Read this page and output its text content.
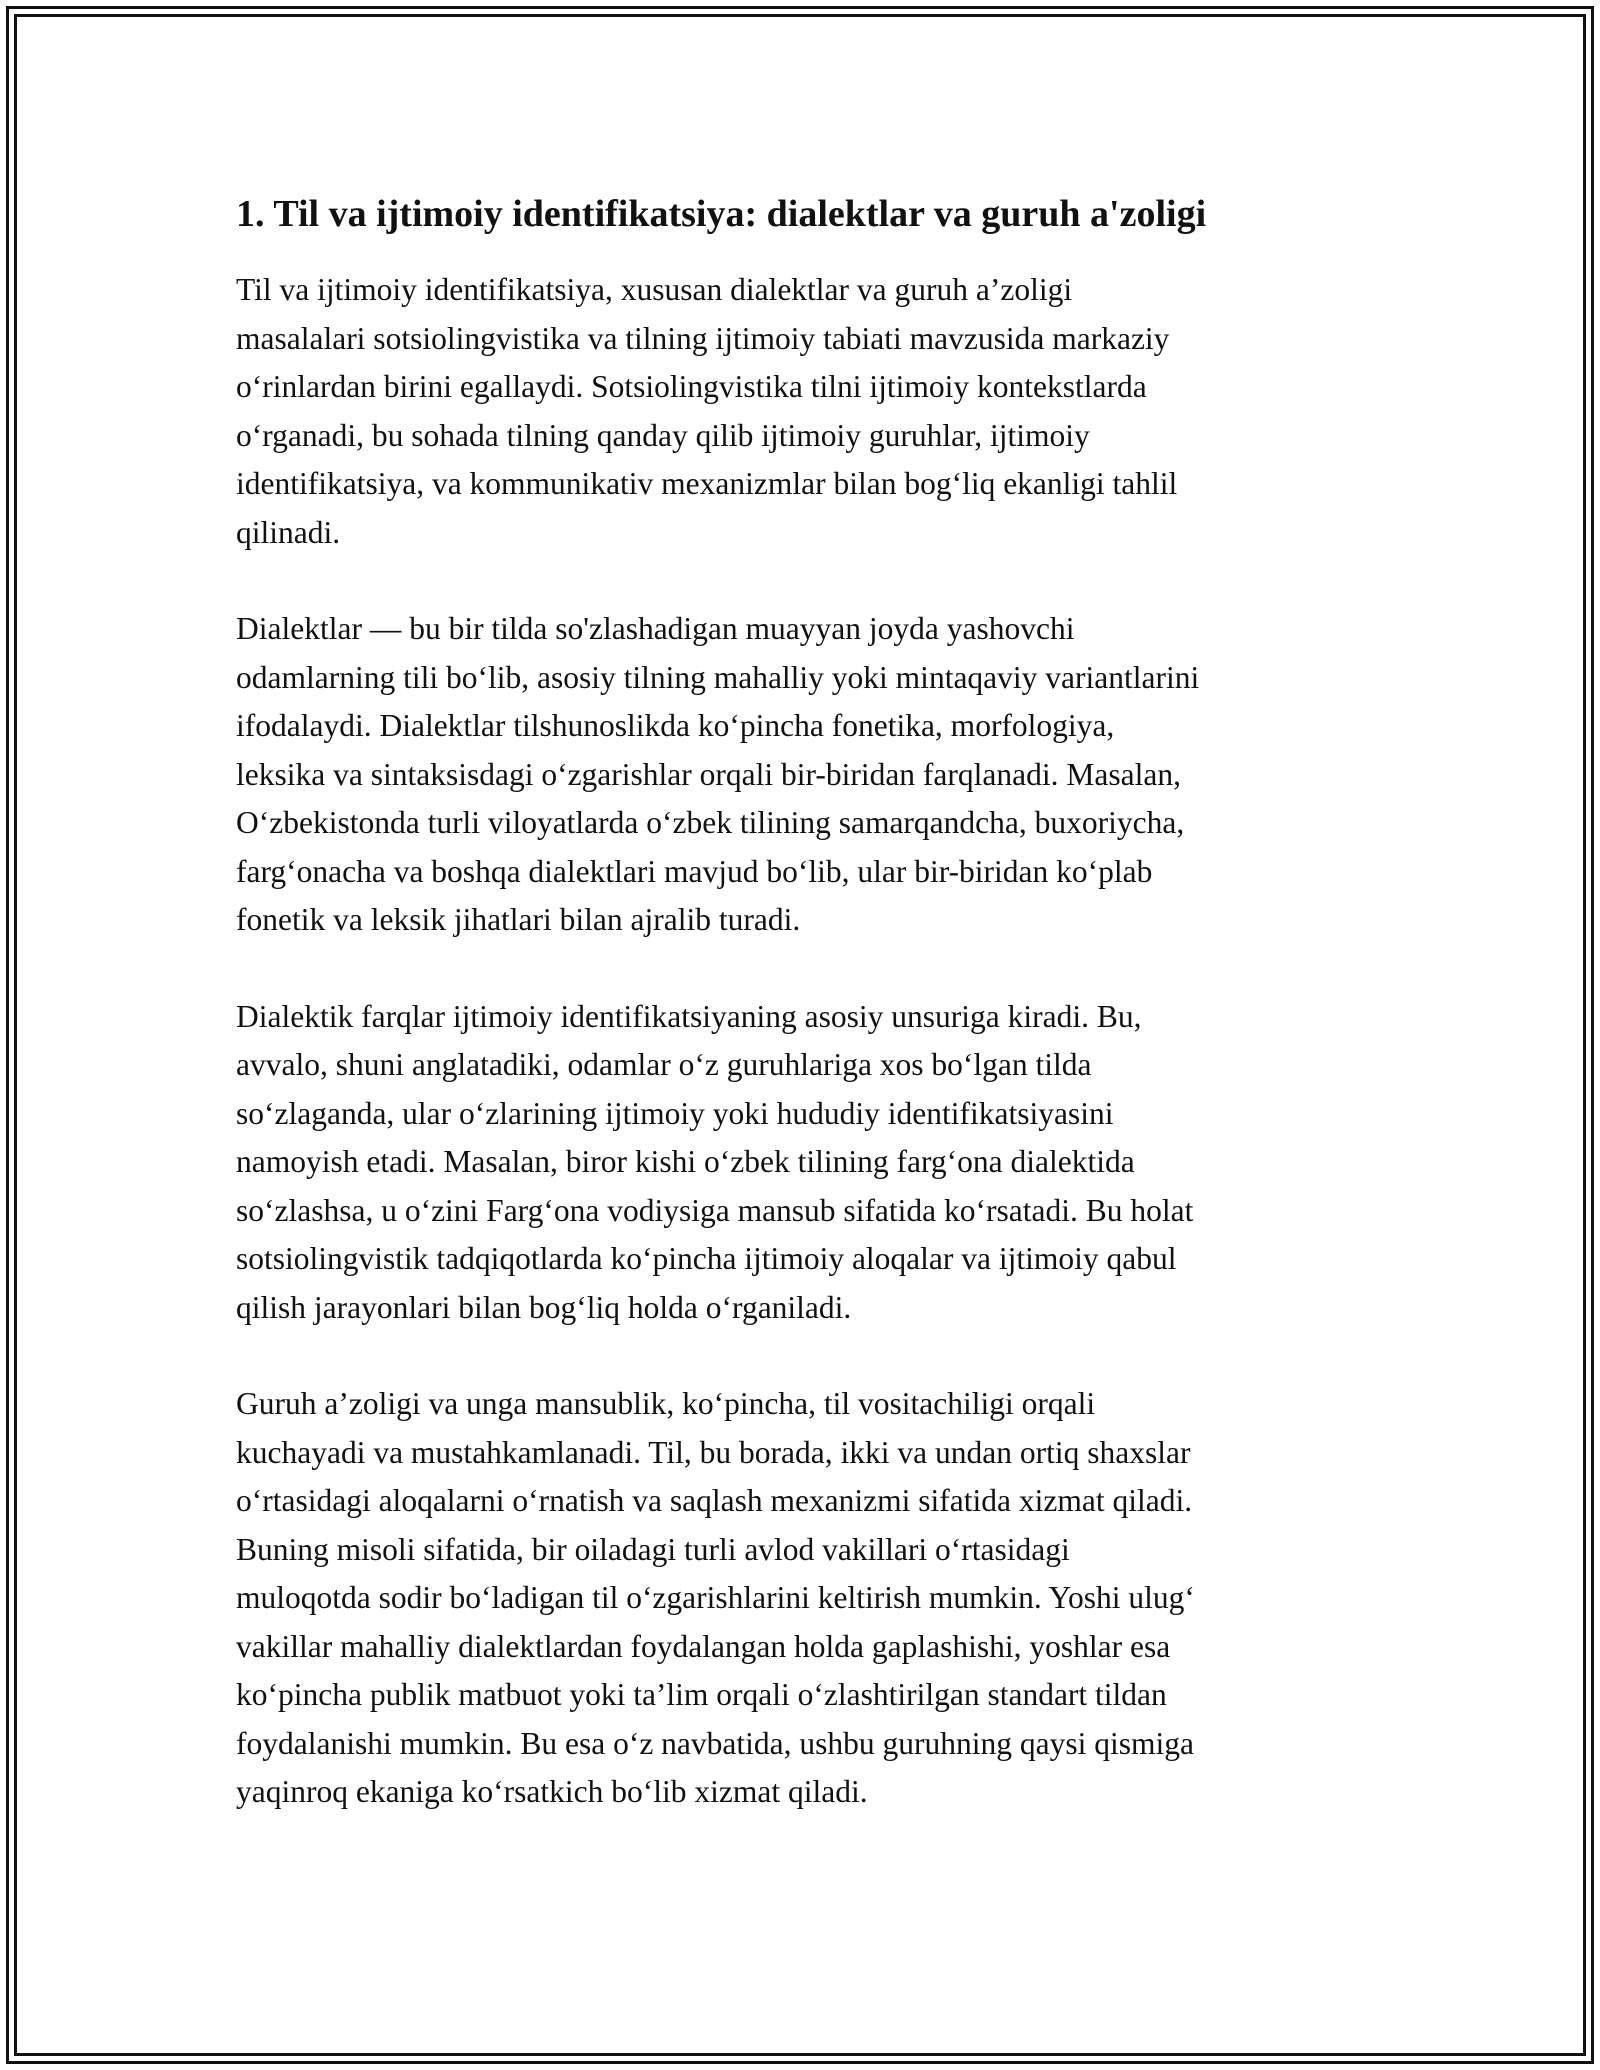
1. Til va ijtimoiy identifikatsiya: dialektlar va guruh a'zoligi

Til va ijtimoiy identifikatsiya, xususan dialektlar va guruh a’zoligi
masalalari sotsiolingvistika va tilning ijtimoiy tabiati mavzusida markaziy
o‘rinlardan birini egallaydi. Sotsiolingvistika tilni ijtimoiy kontekstlarda
o‘rganadi, bu sohada tilning qanday qilib ijtimoiy guruhlar, ijtimoiy
identifikatsiya, va kommunikativ mexanizmlar bilan bog‘liq ekanligi tahlil
qilinadi.

Dialektlar — bu bir tilda so'zlashadigan muayyan joyda yashovchi
odamlarning tili bo‘lib, asosiy tilning mahalliy yoki mintaqaviy variantlarini
ifodalaydi. Dialektlar tilshunoslikda ko‘pincha fonetika, morfologiya,
leksika va sintaksisdagi o‘zgarishlar orqali bir-biridan farqlanadi. Masalan,
O‘zbekistonda turli viloyatlarda o‘zbek tilining samarqandcha, buxoriycha,
farg‘onacha va boshqa dialektlari mavjud bo‘lib, ular bir-biridan ko‘plab
fonetik va leksik jihatlari bilan ajralib turadi.

Dialektik farqlar ijtimoiy identifikatsiyaning asosiy unsuriga kiradi. Bu,
avvalo, shuni anglatadiki, odamlar o‘z guruhlariga xos bo‘lgan tilda
so‘zlaganda, ular o‘zlarining ijtimoiy yoki hududiy identifikatsiyasini
namoyish etadi. Masalan, biror kishi o‘zbek tilining farg‘ona dialektida
so‘zlashsa, u o‘zini Farg‘ona vodiysiga mansub sifatida ko‘rsatadi. Bu holat
sotsiolingvistik tadqiqotlarda ko‘pincha ijtimoiy aloqalar va ijtimoiy qabul
qilish jarayonlari bilan bog‘liq holda o‘rganiladi.

Guruh a’zoligi va unga mansublik, ko‘pincha, til vositachiligi orqali
kuchayadi va mustahkamlanadi. Til, bu borada, ikki va undan ortiq shaxslar
o‘rtasidagi aloqalarni o‘rnatish va saqlash mexanizmi sifatida xizmat qiladi.
Buning misoli sifatida, bir oiladagi turli avlod vakillari o‘rtasidagi
muloqotda sodir bo‘ladigan til o‘zgarishlarini keltirish mumkin. Yoshi ulug‘
vakillar mahalliy dialektlardan foydalangan holda gaplashishi, yoshlar esa
ko‘pincha publik matbuot yoki ta’lim orqali o‘zlashtirilgan standart tildan
foydalanishi mumkin. Bu esa o‘z navbatida, ushbu guruhning qaysi qismiga
yaqinroq ekaniga ko‘rsatkich bo‘lib xizmat qiladi.
